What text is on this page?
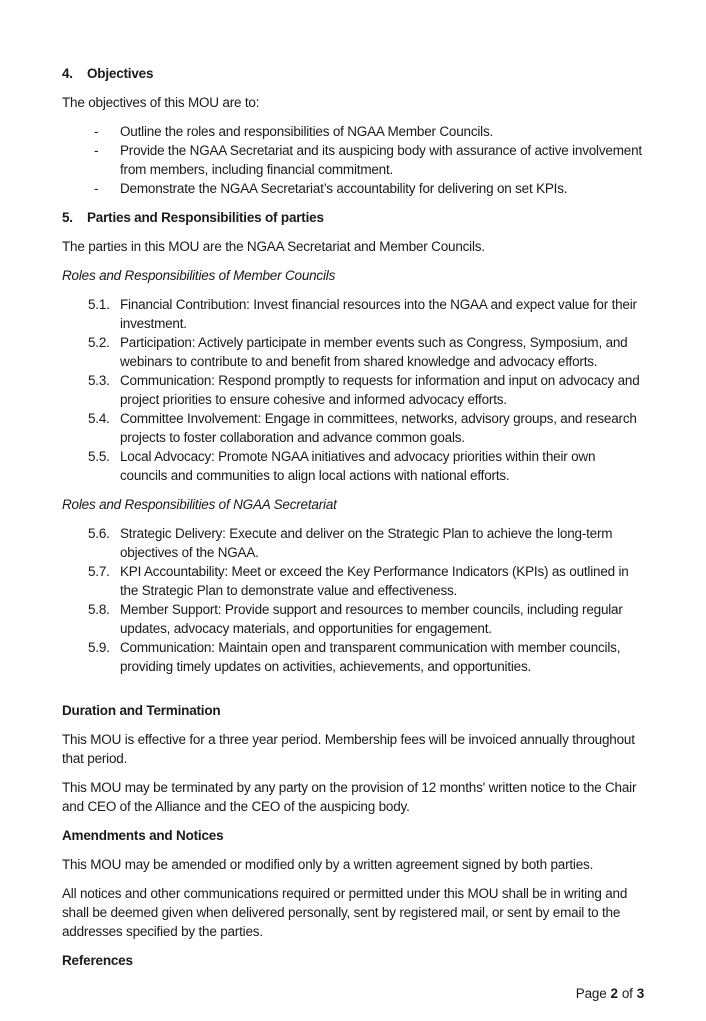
4.	Objectives

The objectives of this MOU are to:

-	Outline the roles and responsibilities of NGAA Member Councils.
-	Provide the NGAA Secretariat and its auspicing body with assurance of active involvement from members, including financial commitment.
-	Demonstrate the NGAA Secretariat’s accountability for delivering on set KPIs.
5.	Parties and Responsibilities of parties

The parties in this MOU are the NGAA Secretariat and Member Councils.

Roles and Responsibilities of Member Councils

5.1. Financial Contribution: Invest financial resources into the NGAA and expect value for their investment.
5.2. Participation: Actively participate in member events such as Congress, Symposium, and webinars to contribute to and benefit from shared knowledge and advocacy efforts.
5.3. Communication: Respond promptly to requests for information and input on advocacy and project priorities to ensure cohesive and informed advocacy efforts.
5.4. Committee Involvement: Engage in committees, networks, advisory groups, and research projects to foster collaboration and advance common goals.
5.5. Local Advocacy: Promote NGAA initiatives and advocacy priorities within their own councils and communities to align local actions with national efforts.

Roles and Responsibilities of NGAA Secretariat

5.6. Strategic Delivery: Execute and deliver on the Strategic Plan to achieve the long-term objectives of the NGAA.
5.7. KPI Accountability: Meet or exceed the Key Performance Indicators (KPIs) as outlined in the Strategic Plan to demonstrate value and effectiveness.
5.8. Member Support: Provide support and resources to member councils, including regular updates, advocacy materials, and opportunities for engagement.
5.9. Communication: Maintain open and transparent communication with member councils, providing timely updates on activities, achievements, and opportunities.
Duration and Termination

This MOU is effective for a three year period. Membership fees will be invoiced annually throughout that period.

This MOU may be terminated by any party on the provision of 12 months' written notice to the Chair and CEO of the Alliance and the CEO of the auspicing body.

Amendments and Notices

This MOU may be amended or modified only by a written agreement signed by both parties.

All notices and other communications required or permitted under this MOU shall be in writing and shall be deemed given when delivered personally, sent by registered mail, or sent by email to the addresses specified by the parties.

References
Page 2 of 3
